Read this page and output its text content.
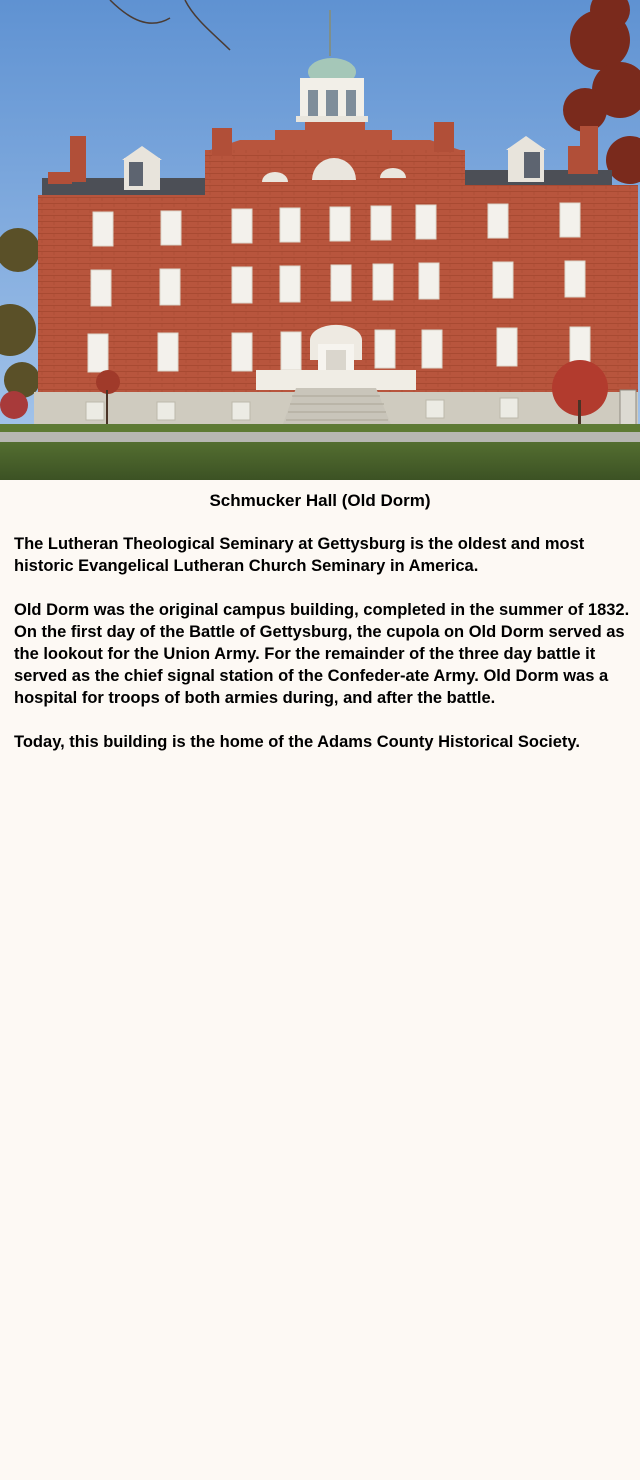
Schmucker Hall (Old Dorm)

The Lutheran Theological Seminary at Gettysburg is the oldest and most historic Evangelical Lutheran Church Seminary in America.

Old Dorm was the original campus building, completed in the summer of 1832. On the first day of the Battle of Gettysburg, the cupola on Old Dorm served as the lookout for the Union Army. For the remainder of the three day battle it served as the chief signal station of the Confeder-ate Army. Old Dorm was a hospital for troops of both armies during, and after the battle.

Today, this building is the home of the Adams County Historical Society.
